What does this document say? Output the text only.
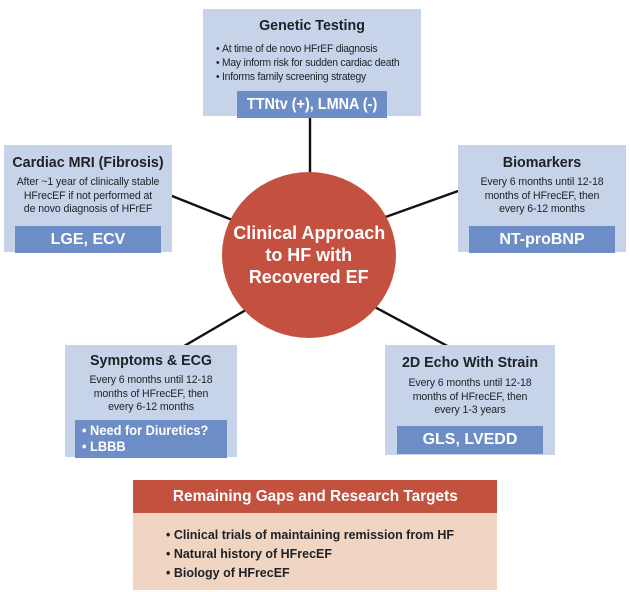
Clinical Approach
to HF with
Recovered EF
Genetic Testing
• At time of de novo HFrEF diagnosis
• May inform risk for sudden cardiac death
• Informs family screening strategy
TTNtv (+), LMNA (-)
Cardiac MRI (Fibrosis)
After ~1 year of clinically stable
HFrecEF if not performed at
de novo diagnosis of HFrEF
LGE, ECV
Biomarkers
Every 6 months until 12-18
months of HFrecEF, then
every 6-12 months
NT-proBNP
Symptoms & ECG
Every 6 months until 12-18
months of HFrecEF, then
every 6-12 months
• Need for Diuretics?
• LBBB
2D Echo With Strain
Every 6 months until 12-18
months of HFrecEF, then
every 1-3 years
GLS, LVEDD
Remaining Gaps and Research Targets
• Clinical trials of maintaining remission from HF
• Natural history of HFrecEF
• Biology of HFrecEF
